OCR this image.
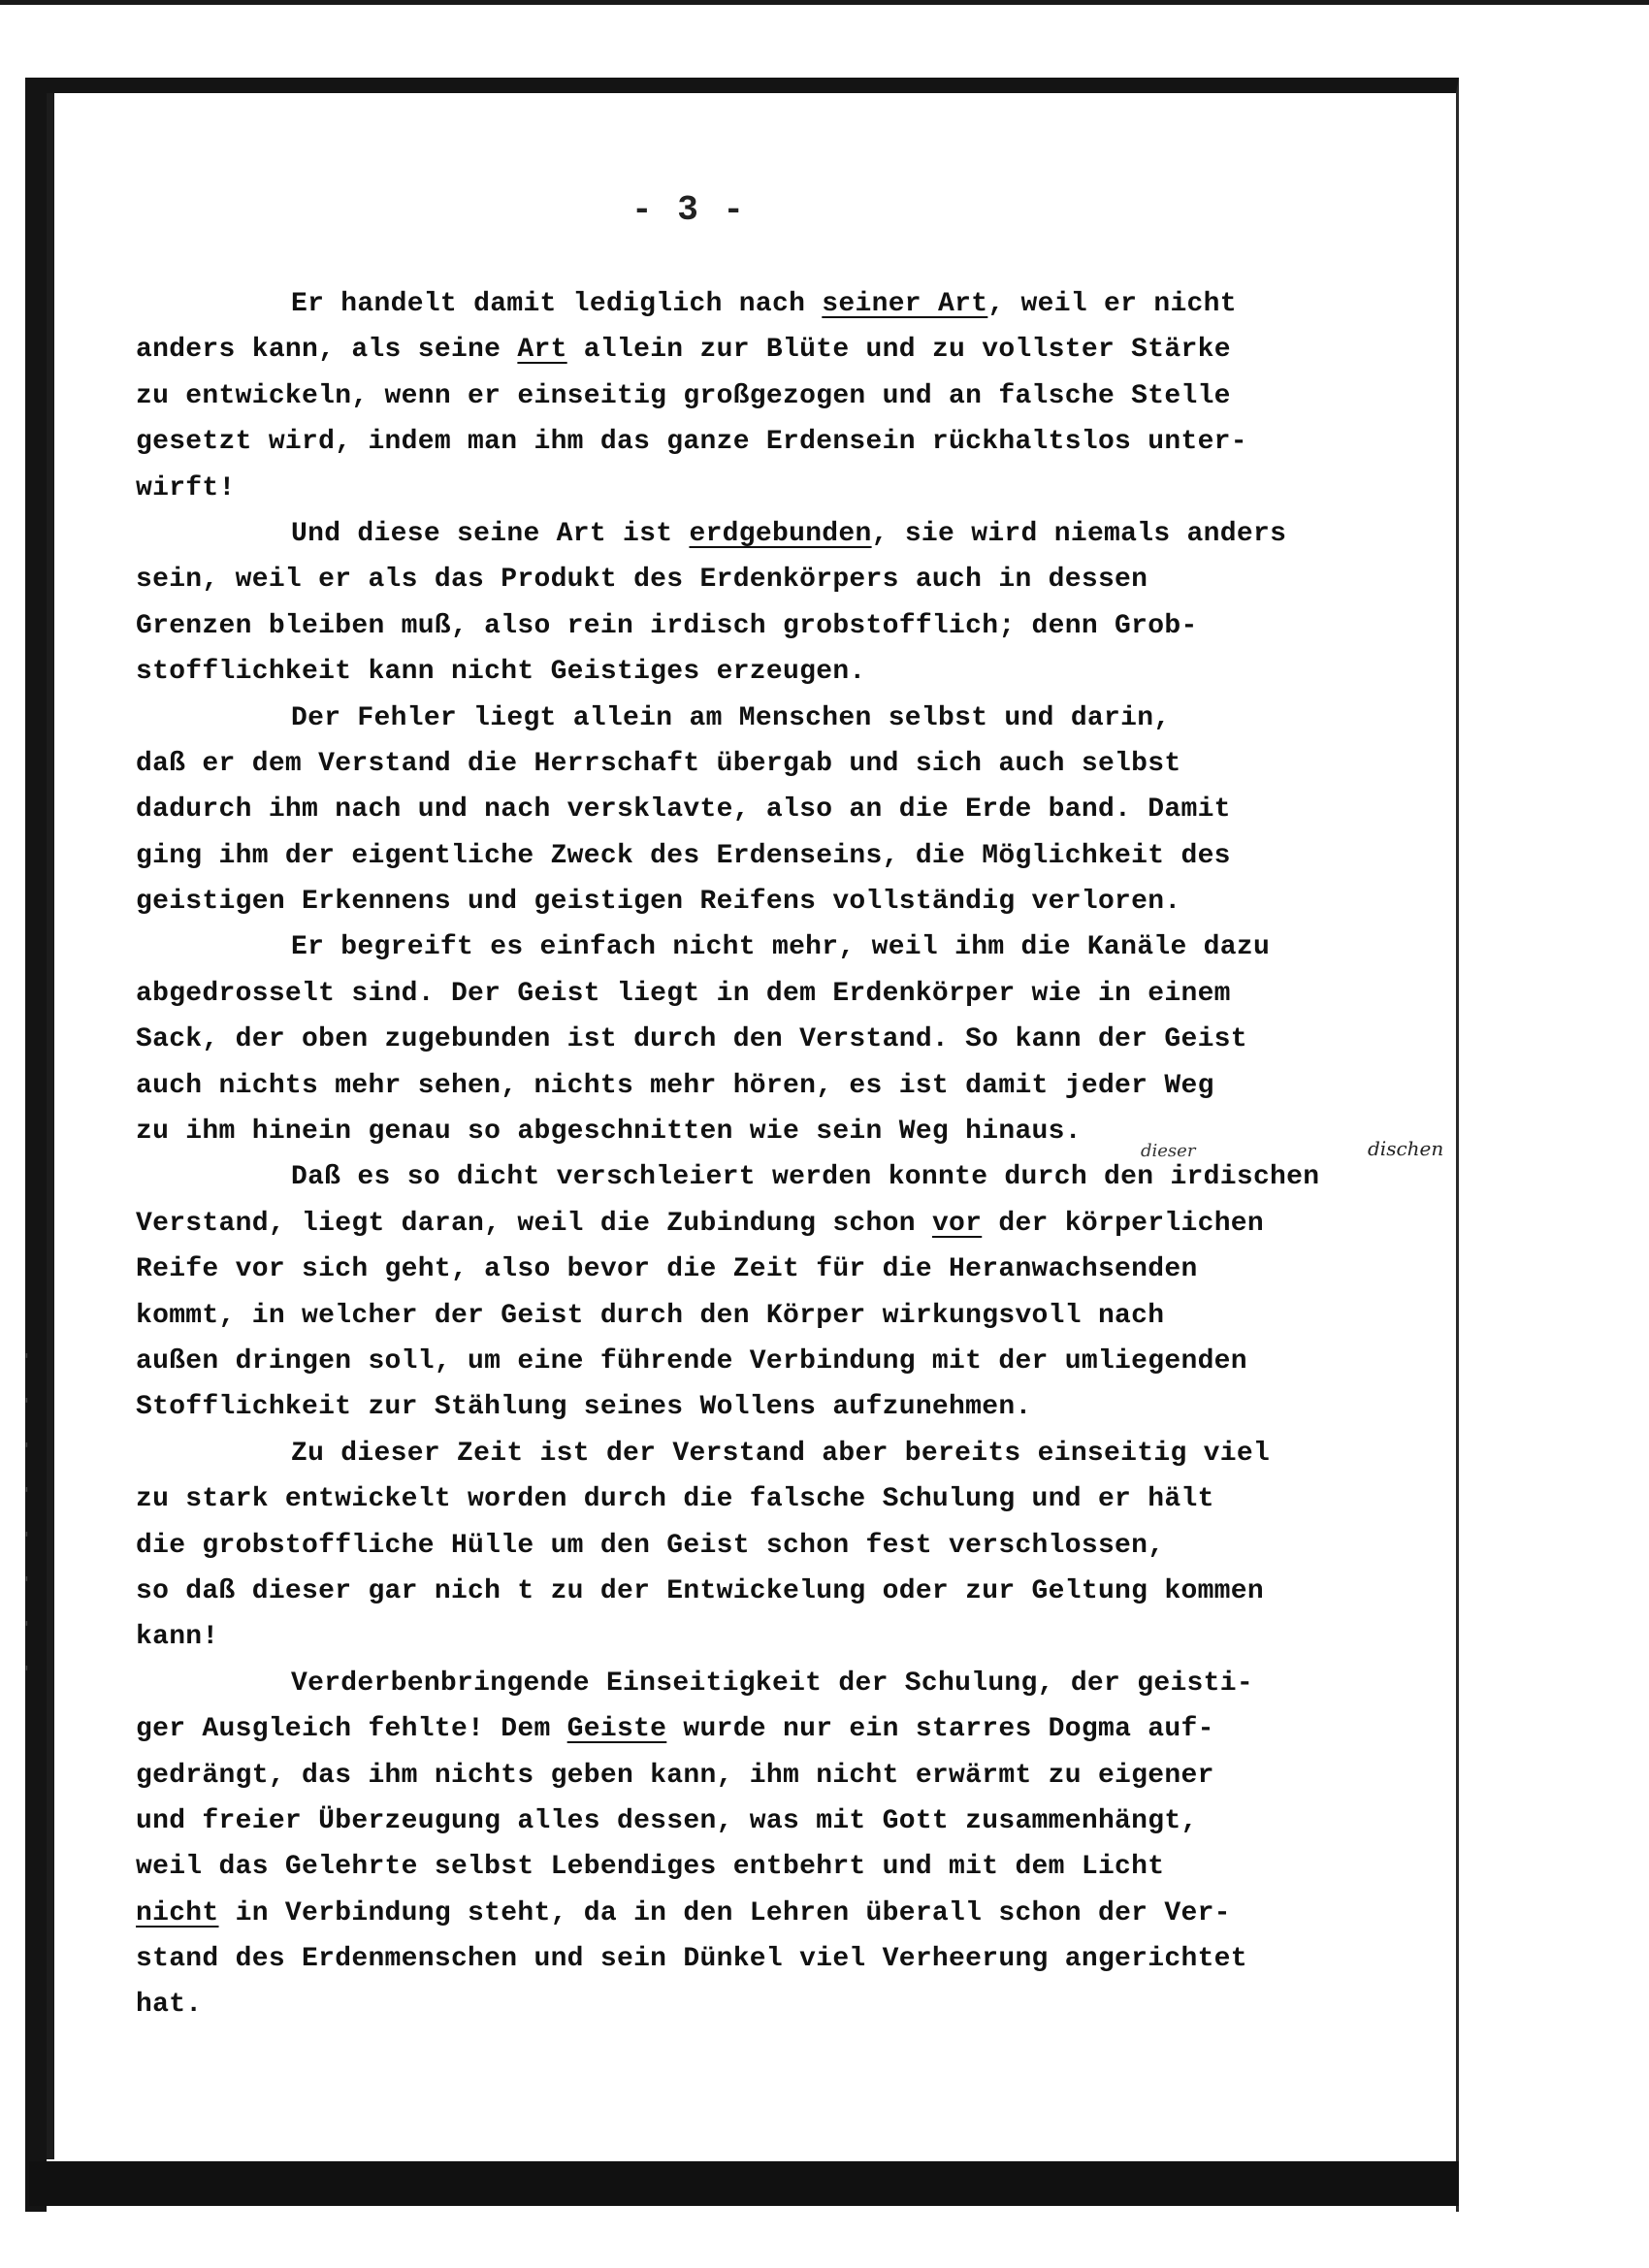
- 3 -
dischen
dieser
'
'
'
'
'
'
'
'
Er handelt damit lediglich nach seiner Art, weil er nicht
anders kann, als seine Art allein zur Blüte und zu vollster Stärke
zu entwickeln, wenn er einseitig großgezogen und an falsche Stelle
gesetzt wird, indem man ihm das ganze Erdensein rückhaltslos unter-
wirft!
Und diese seine Art ist erdgebunden, sie wird niemals anders
sein, weil er als das Produkt des Erdenkörpers auch in dessen
Grenzen bleiben muß, also rein irdisch grobstofflich; denn Grob-
stofflichkeit kann nicht Geistiges erzeugen.
Der Fehler liegt allein am Menschen selbst und darin,
daß er dem Verstand die Herrschaft übergab und sich auch selbst
dadurch ihm nach und nach versklavte, also an die Erde band. Damit
ging ihm der eigentliche Zweck des Erdenseins, die Möglichkeit des
geistigen Erkennens und geistigen Reifens vollständig verloren.
Er begreift es einfach nicht mehr, weil ihm die Kanäle dazu
abgedrosselt sind. Der Geist liegt in dem Erdenkörper wie in einem
Sack, der oben zugebunden ist durch den Verstand. So kann der Geist
auch nichts mehr sehen, nichts mehr hören, es ist damit jeder Weg
zu ihm hinein genau so abgeschnitten wie sein Weg hinaus.
Daß es so dicht verschleiert werden konnte durch den irdischen
Verstand, liegt daran, weil die Zubindung schon vor der körperlichen
Reife vor sich geht, also bevor die Zeit für die Heranwachsenden
kommt, in welcher der Geist durch den Körper wirkungsvoll nach
außen dringen soll, um eine führende Verbindung mit der umliegenden
Stofflichkeit zur Stählung seines Wollens aufzunehmen.
Zu dieser Zeit ist der Verstand aber bereits einseitig viel
zu stark entwickelt worden durch die falsche Schulung und er hält
die grobstoffliche Hülle um den Geist schon fest verschlossen,
so daß dieser gar nich t zu der Entwickelung oder zur Geltung kommen
kann!
Verderbenbringende Einseitigkeit der Schulung, der geisti-
ger Ausgleich fehlte! Dem Geiste wurde nur ein starres Dogma auf-
gedrängt, das ihm nichts geben kann, ihm nicht erwärmt zu eigener
und freier Überzeugung alles dessen, was mit Gott zusammenhängt,
weil das Gelehrte selbst Lebendiges entbehrt und mit dem Licht
nicht in Verbindung steht, da in den Lehren überall schon der Ver-
stand des Erdenmenschen und sein Dünkel viel Verheerung angerichtet
hat.
